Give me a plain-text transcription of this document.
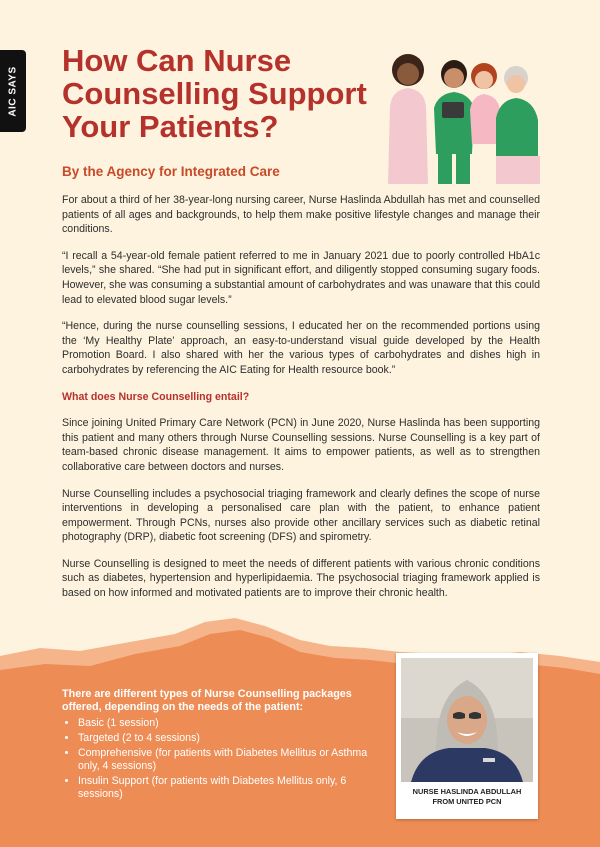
AIC SAYS
How Can Nurse Counselling Support Your Patients?
By the Agency for Integrated Care

For about a third of her 38-year-long nursing career, Nurse Haslinda Abdullah has met and counselled patients of all ages and backgrounds, to help them make positive lifestyle changes and manage their conditions.

“I recall a 54-year-old female patient referred to me in January 2021 due to poorly controlled HbA1c levels,” she shared. “She had put in significant effort, and diligently stopped consuming sugary foods. However, she was consuming a substantial amount of carbohydrates and was unaware that this could lead to elevated blood sugar levels.”

“Hence, during the nurse counselling sessions, I educated her on the recommended portions using the ‘My Healthy Plate’ approach, an easy-to-understand visual guide developed by the Health Promotion Board. I also shared with her the various types of carbohydrates and dishes high in carbohydrates by referencing the AIC Eating for Health resource book.”

What does Nurse Counselling entail?

Since joining United Primary Care Network (PCN) in June 2020, Nurse Haslinda has been supporting this patient and many others through Nurse Counselling sessions. Nurse Counselling is a key part of team-based chronic disease management. It aims to empower patients, as well as to strengthen collaborative care between doctors and nurses.

Nurse Counselling includes a psychosocial triaging framework and clearly defines the scope of nurse interventions in developing a personalised care plan with the patient, to enhance patient empowerment. Through PCNs, nurses also provide other ancillary services such as diabetic retinal photography (DRP), diabetic foot screening (DFS) and spirometry.

Nurse Counselling is designed to meet the needs of different patients with various chronic conditions such as diabetes, hypertension and hyperlipidaemia. The psychosocial triaging framework applied is based on how informed and motivated patients are to improve their chronic health.

There are different types of Nurse Counselling packages offered, depending on the needs of the patient:

• Basic (1 session)
• Targeted (2 to 4 sessions)
• Comprehensive (for patients with Diabetes Mellitus or Asthma only, 4 sessions)
• Insulin Support (for patients with Diabetes Mellitus only, 6 sessions)	NURSE HASLINDA ABDULLAH
FROM UNITED PCN
